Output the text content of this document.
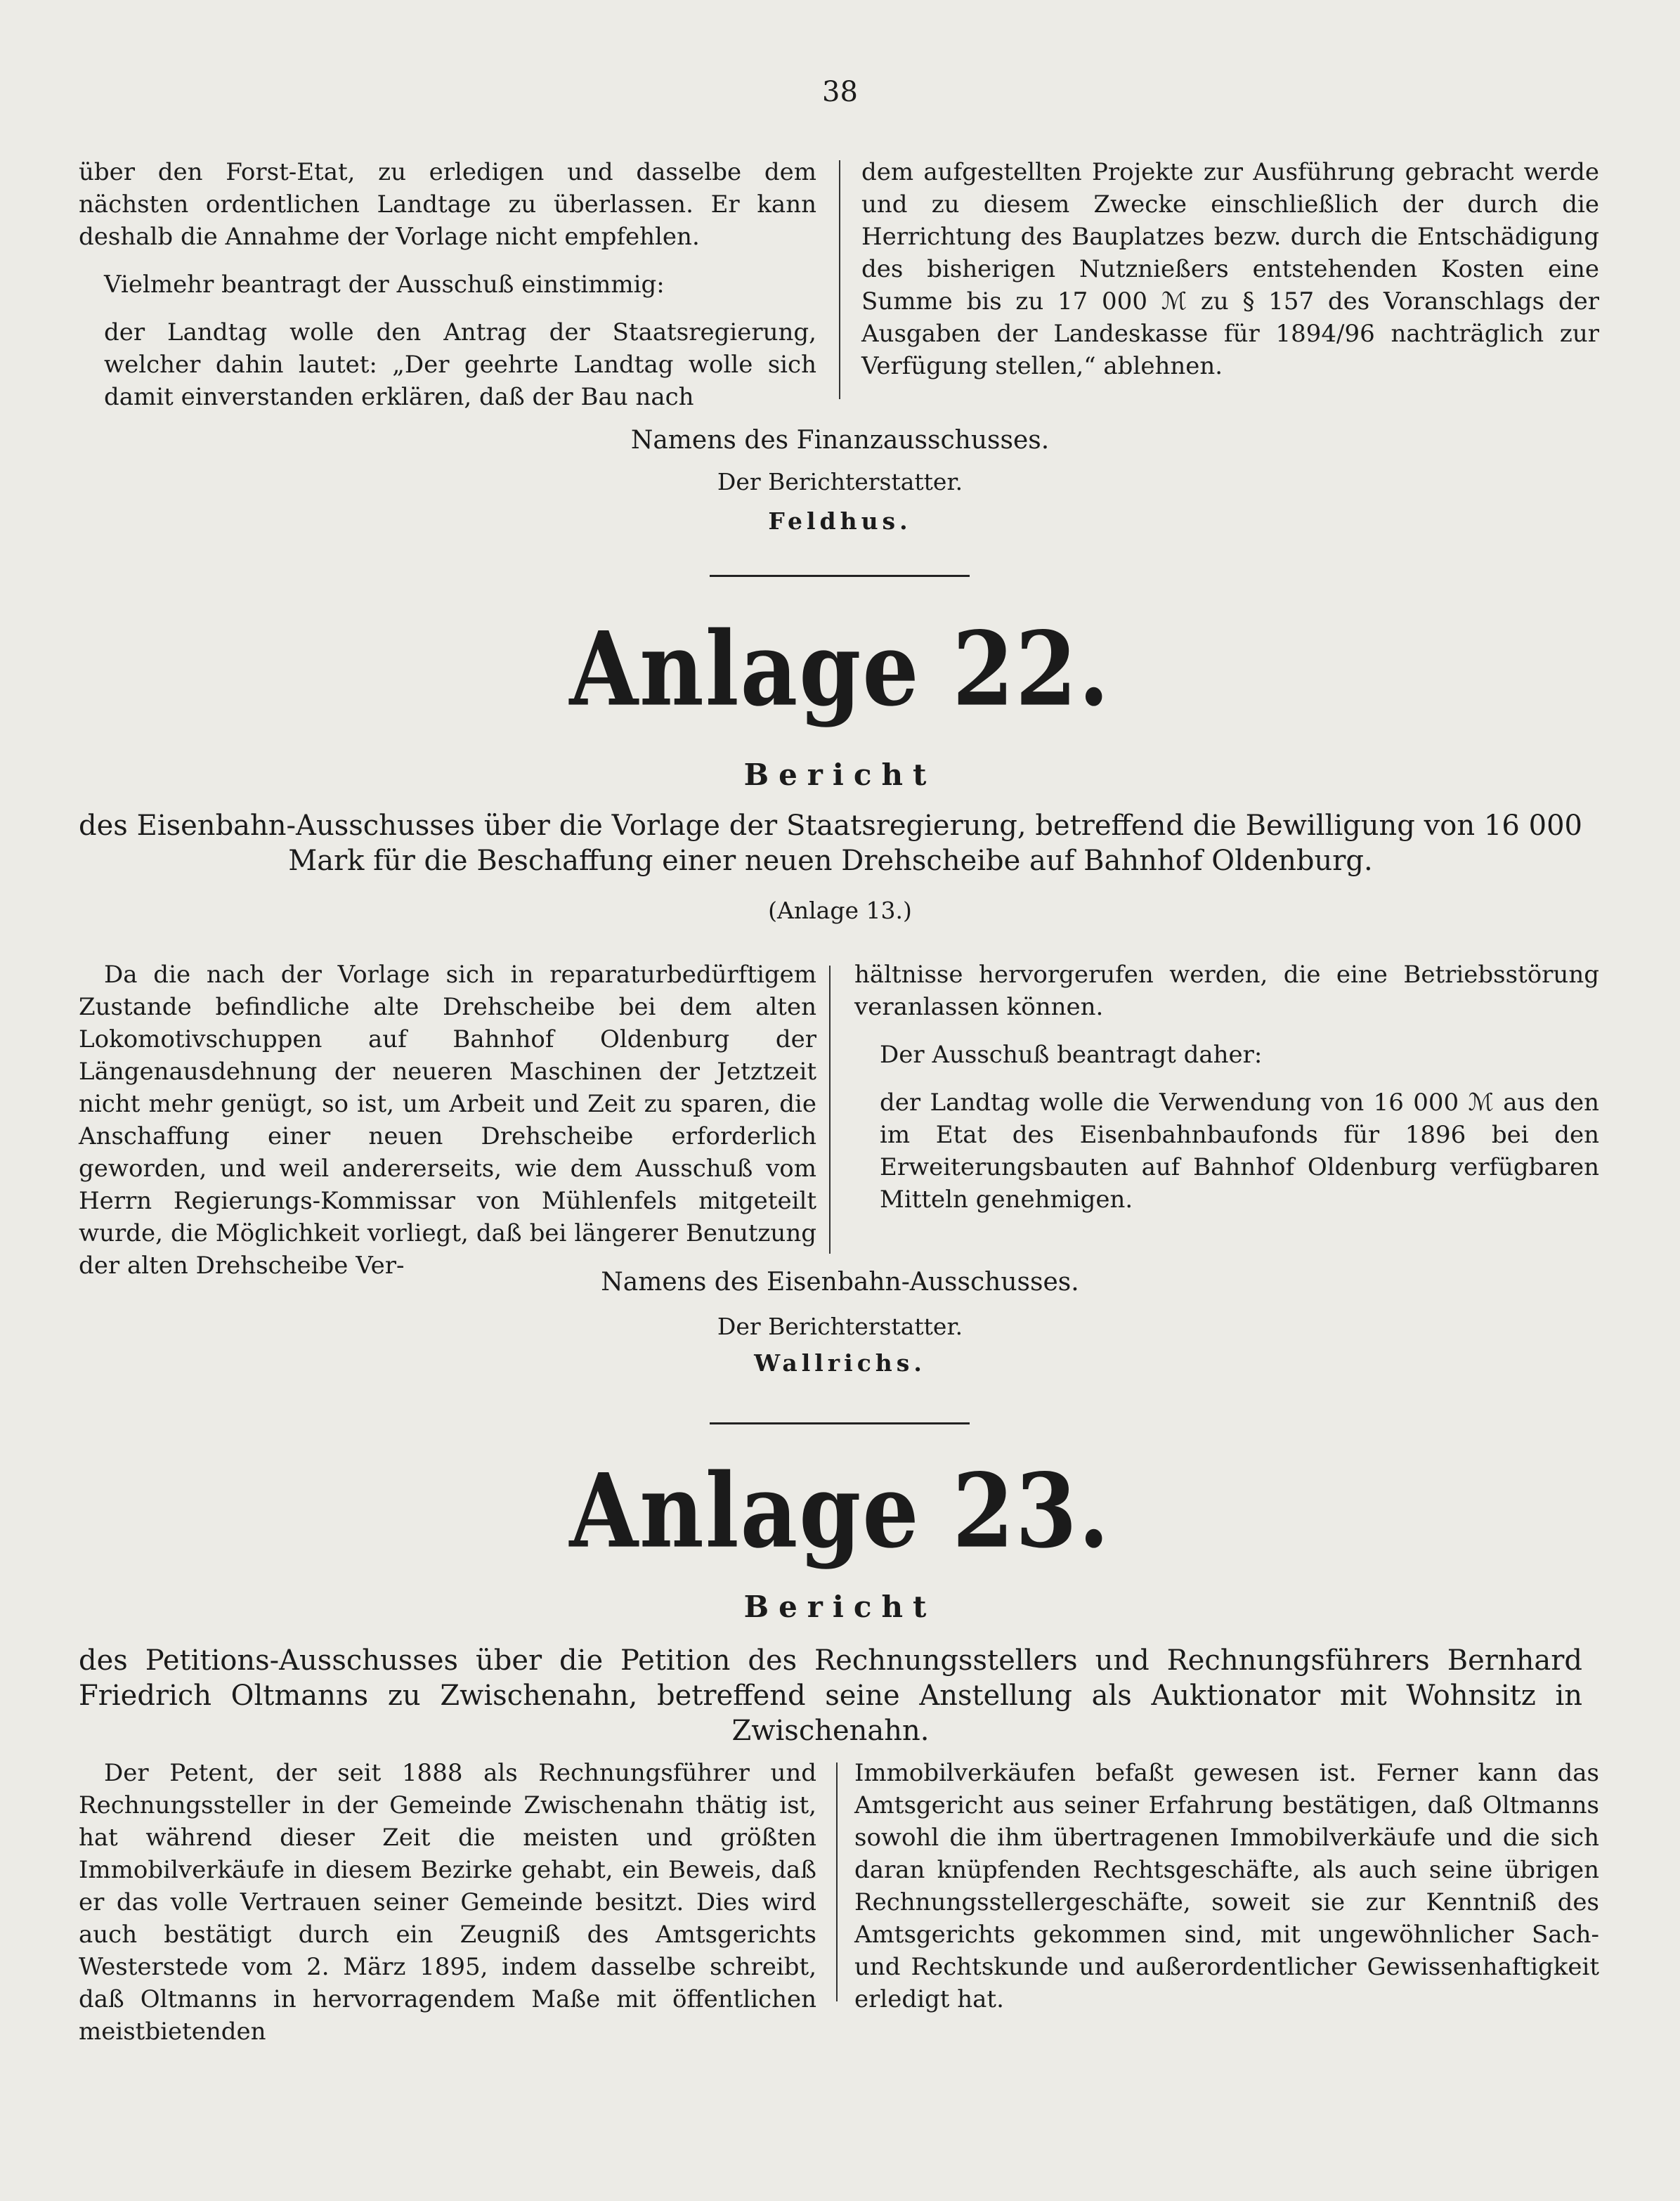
38

über den Forst-Etat, zu erledigen und dasselbe dem nächsten ordentlichen Landtage zu überlassen. Er kann deshalb die Annahme der Vorlage nicht empfehlen.

Vielmehr beantragt der Ausschuß einstimmig:

der Landtag wolle den Antrag der Staatsregierung, welcher dahin lautet: „Der geehrte Landtag wolle sich damit einverstanden erklären, daß der Bau nach

dem aufgestellten Projekte zur Ausführung gebracht werde und zu diesem Zwecke einschließlich der durch die Herrichtung des Bauplatzes bezw. durch die Entschädigung des bisherigen Nutznießers entstehenden Kosten eine Summe bis zu 17 000 ℳ zu § 157 des Voranschlags der Ausgaben der Landeskasse für 1894/96 nachträglich zur Verfügung stellen,“ ablehnen.

Namens des Finanzausschusses.
Der Berichterstatter.
Feldhus.
Anlage 22.
Bericht
des Eisenbahn-Ausschusses über die Vorlage der Staatsregierung, betreffend die Bewilligung von 16 000 Mark für die Beschaffung einer neuen Drehscheibe auf Bahnhof Oldenburg.
(Anlage 13.)

Da die nach der Vorlage sich in reparaturbedürftigem Zustande befindliche alte Drehscheibe bei dem alten Lokomotivschuppen auf Bahnhof Oldenburg der Längenausdehnung der neueren Maschinen der Jetztzeit nicht mehr genügt, so ist, um Arbeit und Zeit zu sparen, die Anschaffung einer neuen Drehscheibe erforderlich geworden, und weil andererseits, wie dem Ausschuß vom Herrn Regierungs-Kommissar von Mühlenfels mitgeteilt wurde, die Möglichkeit vorliegt, daß bei längerer Benutzung der alten Drehscheibe Ver-

hältnisse hervorgerufen werden, die eine Betriebsstörung veranlassen können.

Der Ausschuß beantragt daher:

der Landtag wolle die Verwendung von 16 000 ℳ aus den im Etat des Eisenbahnbaufonds für 1896 bei den Erweiterungsbauten auf Bahnhof Oldenburg verfügbaren Mitteln genehmigen.

Namens des Eisenbahn-Ausschusses.
Der Berichterstatter.
Wallrichs.
Anlage 23.
Bericht
des Petitions-Ausschusses über die Petition des Rechnungsstellers und Rechnungsführers Bernhard Friedrich Oltmanns zu Zwischenahn, betreffend seine Anstellung als Auktionator mit Wohnsitz in Zwischenahn.

Der Petent, der seit 1888 als Rechnungsführer und Rechnungssteller in der Gemeinde Zwischenahn thätig ist, hat während dieser Zeit die meisten und größten Immobilverkäufe in diesem Bezirke gehabt, ein Beweis, daß er das volle Vertrauen seiner Gemeinde besitzt. Dies wird auch bestätigt durch ein Zeugniß des Amtsgerichts Westerstede vom 2. März 1895, indem dasselbe schreibt, daß Oltmanns in hervorragendem Maße mit öffentlichen meistbietenden

Immobilverkäufen befaßt gewesen ist. Ferner kann das Amtsgericht aus seiner Erfahrung bestätigen, daß Oltmanns sowohl die ihm übertragenen Immobilverkäufe und die sich daran knüpfenden Rechtsgeschäfte, als auch seine übrigen Rechnungsstellergeschäfte, soweit sie zur Kenntniß des Amtsgerichts gekommen sind, mit ungewöhnlicher Sach- und Rechtskunde und außerordentlicher Gewissenhaftigkeit erledigt hat.
